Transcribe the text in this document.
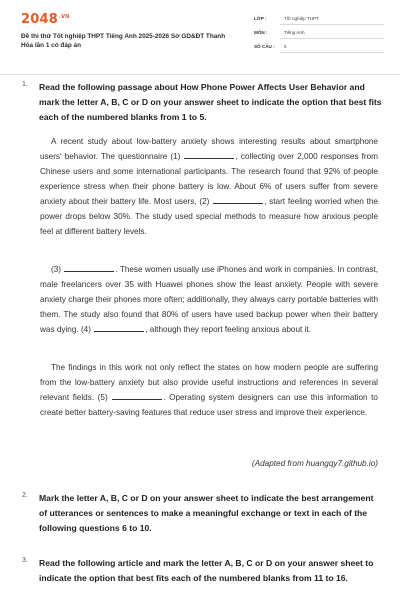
$2048^{.VN}$
Đề thi thử Tốt nghiệp THPT Tiếng Anh 2025-2026 Sở GD&ĐT Thanh Hóa lần 1 có đáp án
LỚP :	Tốt nghiệp THPT
MÔN :	Tiếng Anh
SỐ CÂU : 6
1. Read the following passage about How Phone Power Affects User Behavior and mark the letter A, B, C or D on your answer sheet to indicate the option that best fits each of the numbered blanks from 1 to 5.
A recent study about low-battery anxiety shows interesting results about smartphone users' behavior. The questionnaire (1)	, collecting over 2,000 responses from Chinese users and some international participants. The research found that 92% of people experience stress when their phone battery is low. About 6% of users suffer from severe anxiety about their battery life. Most users, (2)	, start feeling worried when the power drops below 30%. The study used special methods to measure how anxious people feel at different battery levels.
(3)	. These women usually use iPhones and work in companies. In contrast, male freelancers over 35 with Huawei phones show the least anxiety. People with severe anxiety charge their phones more often; additionally, they always carry portable batteries with them. The study also found that 80% of users have used backup power when their battery was dying. (4)	, although they report feeling anxious about it.
The findings in this work not only reflect the states on how modern people are suffering from the low-battery anxiety but also provide useful instructions and references in several relevant fields. (5)	. Operating system designers can use this information to create better battery-saving features that reduce user stress and improve their experience.
(Adapted from huangqy7.github.io)
2. Mark the letter A, B, C or D on your answer sheet to indicate the best arrangement of utterances or sentences to make a meaningful exchange or text in each of the following questions 6 to 10.
3. Read the following article and mark the letter A, B, C or D on your answer sheet to indicate the option that best fits each of the numbered blanks from 11 to 16.
